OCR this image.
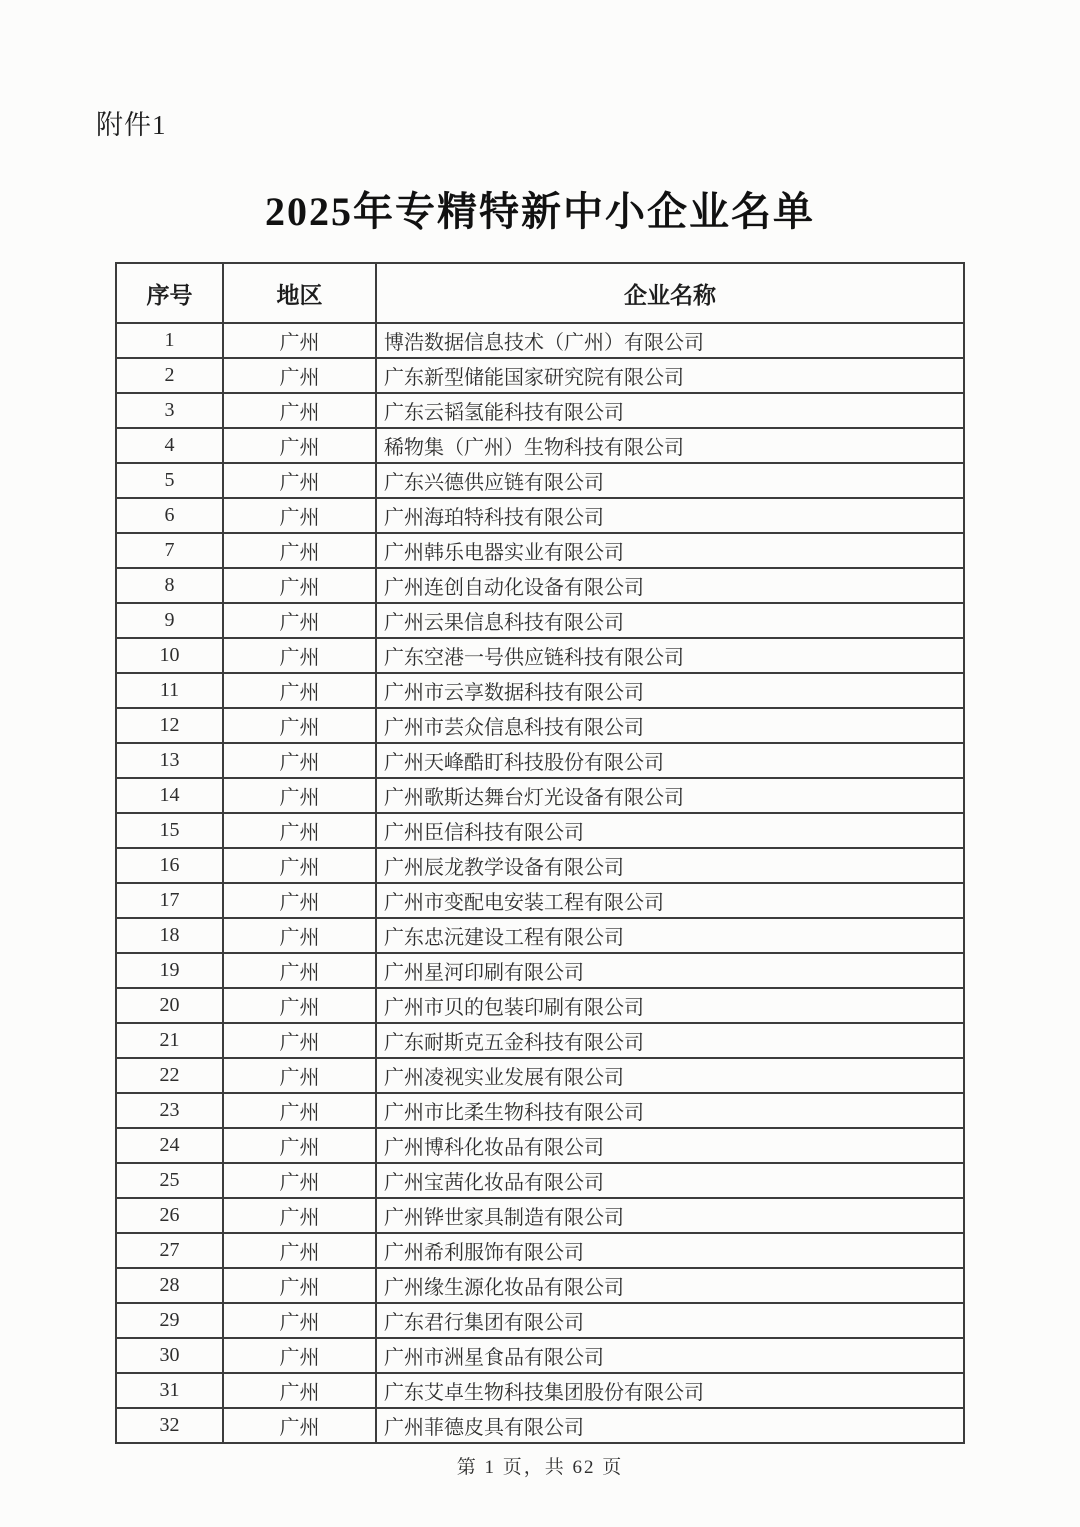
附件1
2025年专精特新中小企业名单
序号	地区	企业名称
1	广州	博浩数据信息技术（广州）有限公司
2	广州	广东新型储能国家研究院有限公司
3	广州	广东云韬氢能科技有限公司
4	广州	稀物集（广州）生物科技有限公司
5	广州	广东兴德供应链有限公司
6	广州	广州海珀特科技有限公司
7	广州	广州韩乐电器实业有限公司
8	广州	广州连创自动化设备有限公司
9	广州	广州云果信息科技有限公司
10	广州	广东空港一号供应链科技有限公司
11	广州	广州市云享数据科技有限公司
12	广州	广州市芸众信息科技有限公司
13	广州	广州天峰酷盯科技股份有限公司
14	广州	广州歌斯达舞台灯光设备有限公司
15	广州	广州臣信科技有限公司
16	广州	广州辰龙教学设备有限公司
17	广州	广州市变配电安装工程有限公司
18	广州	广东忠沅建设工程有限公司
19	广州	广州星河印刷有限公司
20	广州	广州市贝的包装印刷有限公司
21	广州	广东耐斯克五金科技有限公司
22	广州	广州凌视实业发展有限公司
23	广州	广州市比柔生物科技有限公司
24	广州	广州博科化妆品有限公司
25	广州	广州宝茜化妆品有限公司
26	广州	广州铧世家具制造有限公司
27	广州	广州希利服饰有限公司
28	广州	广州缘生源化妆品有限公司
29	广州	广东君行集团有限公司
30	广州	广州市洲星食品有限公司
31	广州	广东艾卓生物科技集团股份有限公司
32	广州	广州菲德皮具有限公司
第 1 页，共 62 页
